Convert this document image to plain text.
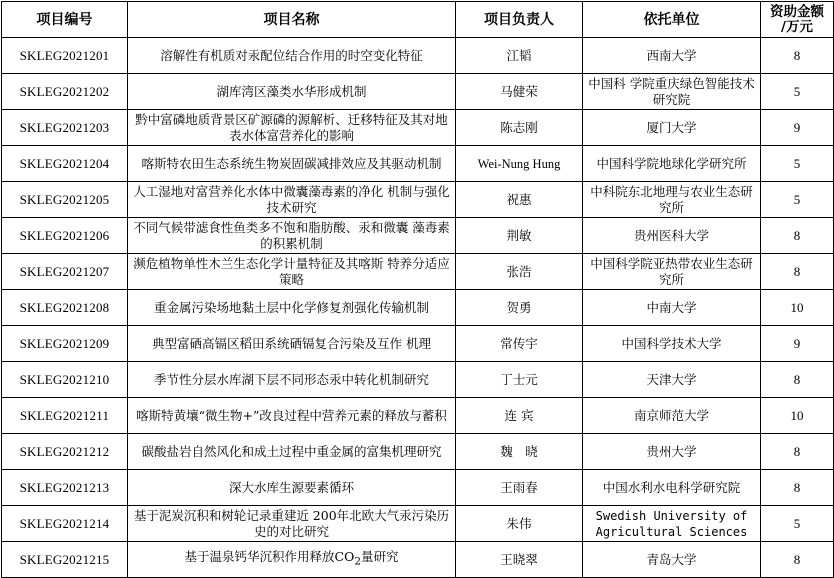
项目编号	项目名称	项目负责人	依托单位	资助金额
/万元
SKLEG2021201	溶解性有机质对汞配位结合作用的时空变化特征	江韬	西南大学	8
SKLEG2021202	湖库湾区藻类水华形成机制	马健荣	中国科 学院重庆绿色智能技术研究院	5
SKLEG2021203	黔中富磷地质背景区矿源磷的源解析、迁移特征及其对地表水体富营养化的影响	陈志刚	厦门大学	9
SKLEG2021204	喀斯特农田生态系统生物炭固碳减排效应及其驱动机制	Wei-Nung Hung	中国科学院地球化学研究所	5
SKLEG2021205	人工湿地对富营养化水体中微囊藻毒素的净化 机制与强化技术研究	祝惠	中科院东北地理与农业生态研究所	5
SKLEG2021206	不同气候带滤食性鱼类多不饱和脂肪酸、汞和微囊 藻毒素的积累机制	荆敏	贵州医科大学	8
SKLEG2021207	濒危植物单性木兰生态化学计量特征及其喀斯 特养分适应策略	张浩	中国科学院亚热带农业生态研究所	8
SKLEG2021208	重金属污染场地黏土层中化学修复剂强化传输机制	贺勇	中南大学	10
SKLEG2021209	典型富硒高镉区稻田系统硒镉复合污染及互作 机理	常传宇	中国科学技术大学	9
SKLEG2021210	季节性分层水库湖下层不同形态汞中转化机制研究	丁士元	天津大学	8
SKLEG2021211	喀斯特黄壤“微生物+”改良过程中营养元素的释放与蓄积	连 宾	南京师范大学	10
SKLEG2021212	碳酸盐岩自然风化和成土过程中重金属的富集机理研究	魏　晓	贵州大学	8
SKLEG2021213	深大水库生源要素循环	王雨春	中国水利水电科学研究院	8
SKLEG2021214	基于泥炭沉积和树轮记录重建近 200年北欧大气汞污染历史的对比研究	朱伟	Swedish University of Agricultural Sciences	5
SKLEG2021215	基于温泉钙华沉积作用释放$CO_2$量研究	王晓翠	青岛大学	8
